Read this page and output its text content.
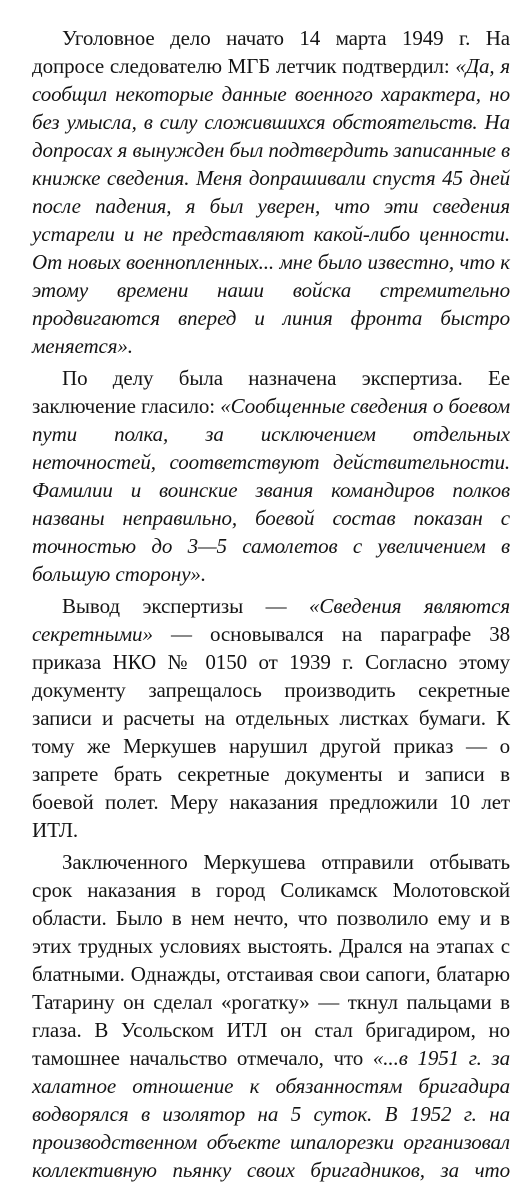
Уголовное дело начато 14 марта 1949 г. На допросе следователю МГБ летчик подтвердил: «Да, я сообщил некоторые данные военного характера, но без умысла, в силу сложившихся обстоятельств. На допросах я вынужден был подтвердить записанные в книжке сведения. Меня допрашивали спустя 45 дней после падения, я был уверен, что эти сведения устарели и не представляют какой-либо ценности. От новых военнопленных... мне было известно, что к этому времени наши войска стремительно продвигаются вперед и линия фронта быстро меняется».

По делу была назначена экспертиза. Ее заключение гласило: «Сообщенные сведения о боевом пути полка, за исключением отдельных неточностей, соответствуют действительности. Фамилии и воинские звания командиров полков названы неправильно, боевой состав показан с точностью до 3—5 самолетов с увеличением в большую сторону».

Вывод экспертизы — «Сведения являются секретными» — основывался на параграфе 38 приказа НКО № 0150 от 1939 г. Согласно этому документу запрещалось производить секретные записи и расчеты на отдельных листках бумаги. К тому же Меркушев нарушил другой приказ — о запрете брать секретные документы и записи в боевой полет. Меру наказания предложили 10 лет ИТЛ.

Заключенного Меркушева отправили отбывать срок наказания в город Соликамск Молотовской области. Было в нем нечто, что позволило ему и в этих трудных условиях выстоять. Дрался на этапах с блатными. Однажды, отстаивая свои сапоги, блатарю Татарину он сделал «рогатку» — ткнул пальцами в глаза. В Усольском ИТЛ он стал бригадиром, но тамошнее начальство отмечало, что «...в 1951 г. за халатное отношение к обязанностям бригадира водворялся в изолятор на 5 суток. В 1952 г. на производственном объекте шпалорезки организовал коллективную пьянку своих бригадников, за что
